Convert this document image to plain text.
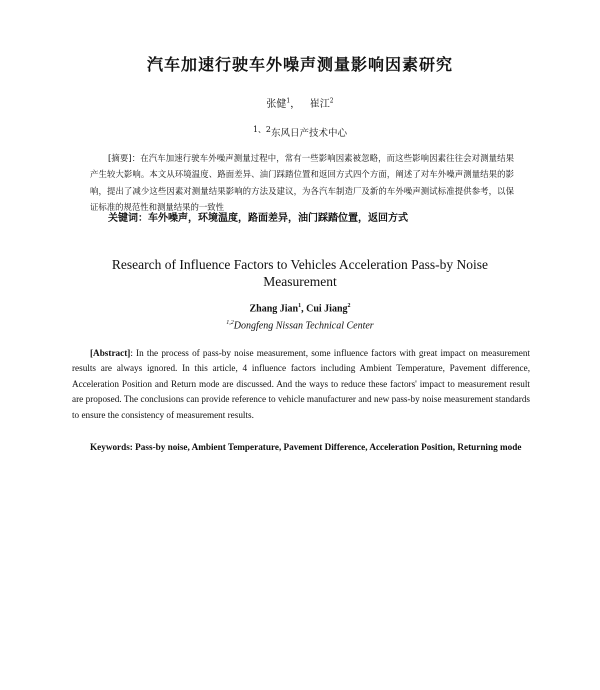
汽车加速行驶车外噪声测量影响因素研究
张健$^1$， 崔江$^2$
$^{1、2}$东风日产技术中心
[摘要]：在汽车加速行驶车外噪声测量过程中，常有一些影响因素被忽略，而这些影响因素往往会对测量结果产生较大影响。本文从环境温度、路面差异、油门踩踏位置和返回方式四个方面，阐述了对车外噪声测量结果的影响，提出了减少这些因素对测量结果影响的方法及建议，为各汽车制造厂及新的车外噪声测试标准提供参考，以保证标准的规范性和测量结果的一致性
关键词：车外噪声，环境温度，路面差异，油门踩踏位置，返回方式
Research of Influence Factors to Vehicles Acceleration Pass-by Noise Measurement
Zhang Jian$^1$, Cui Jiang$^2$
$^{1,2}$Dongfeng Nissan Technical Center
[Abstract]: In the process of pass-by noise measurement, some influence factors with great impact on measurement results are always ignored. In this article, 4 influence factors including Ambient Temperature, Pavement difference, Acceleration Position and Return mode are discussed. And the ways to reduce these factors' impact to measurement result are proposed. The conclusions can provide reference to vehicle manufacturer and new pass-by noise measurement standards to ensure the consistency of measurement results.
Keywords: Pass-by noise, Ambient Temperature, Pavement Difference, Acceleration Position, Returning mode
